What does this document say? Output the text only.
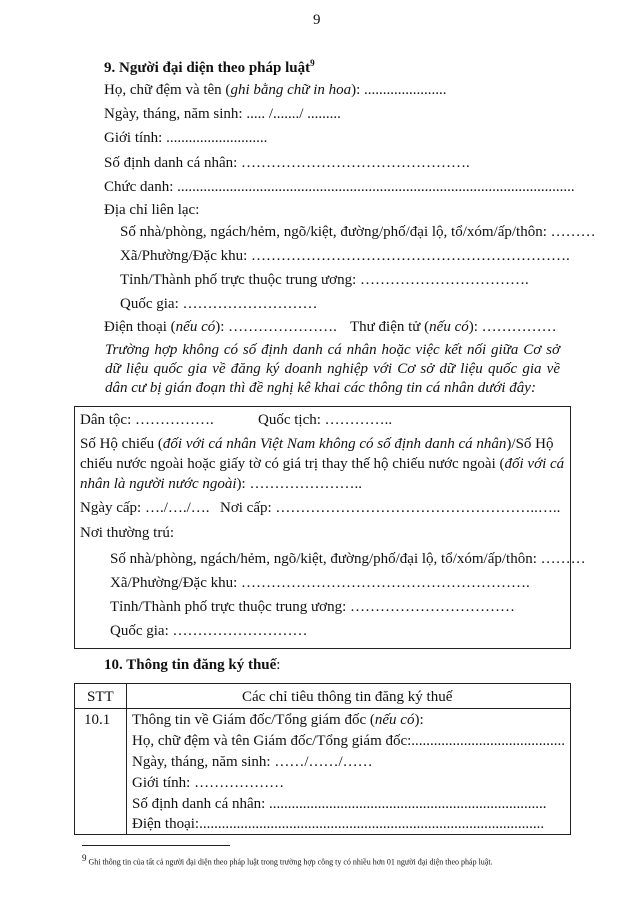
9
9. Người đại diện theo pháp luật$^9$
Họ, chữ đệm và tên (ghi bằng chữ in hoa): ......................
Ngày, tháng, năm sinh: ..... /......./ .........
Giới tính: ...........................
Số định danh cá nhân: ……………………………………….
Chức danh: ..........................................................................................................
Địa chỉ liên lạc:
Số nhà/phòng, ngách/hẻm, ngõ/kiệt, đường/phố/đại lộ, tổ/xóm/ấp/thôn: ………
Xã/Phường/Đặc khu: ……………………………………………………….
Tỉnh/Thành phố trực thuộc trung ương: …………………………….
Quốc gia: ………………………
Điện thoại (nếu có): …………………. Thư điện tử (nếu có): ……………
Trường hợp không có số định danh cá nhân hoặc việc kết nối giữa Cơ sở dữ liệu quốc gia về đăng ký doanh nghiệp với Cơ sở dữ liệu quốc gia về dân cư bị gián đoạn thì đề nghị kê khai các thông tin cá nhân dưới đây:
Dân tộc: …………….	Quốc tịch: …………..
Số Hộ chiếu (đối với cá nhân Việt Nam không có số định danh cá nhân)/Số Hộ chiếu nước ngoài hoặc giấy tờ có giá trị thay thế hộ chiếu nước ngoài (đối với cá nhân là người nước ngoài): …………………..
Ngày cấp: …./…./…. Nơi cấp: ……………………………………………..…..
Nơi thường trú:
Số nhà/phòng, ngách/hẻm, ngõ/kiệt, đường/phố/đại lộ, tổ/xóm/ấp/thôn: ………
Xã/Phường/Đặc khu: ………………………………………………….
Tỉnh/Thành phố trực thuộc trung ương: ……………………………
Quốc gia: ………………………
10. Thông tin đăng ký thuế:
STT	Các chỉ tiêu thông tin đăng ký thuế
10.1 Thông tin về Giám đốc/Tổng giám đốc (nếu có):
Họ, chữ đệm và tên Giám đốc/Tổng giám đốc:.........................................
Ngày, tháng, năm sinh: ……/……/……
Giới tính: ………………
Số định danh cá nhân: ..........................................................................
Điện thoại:............................................................................................
$^9$ Ghi thông tin của tất cả người đại diện theo pháp luật trong trường hợp công ty có nhiều hơn 01 người đại diện theo pháp luật.
